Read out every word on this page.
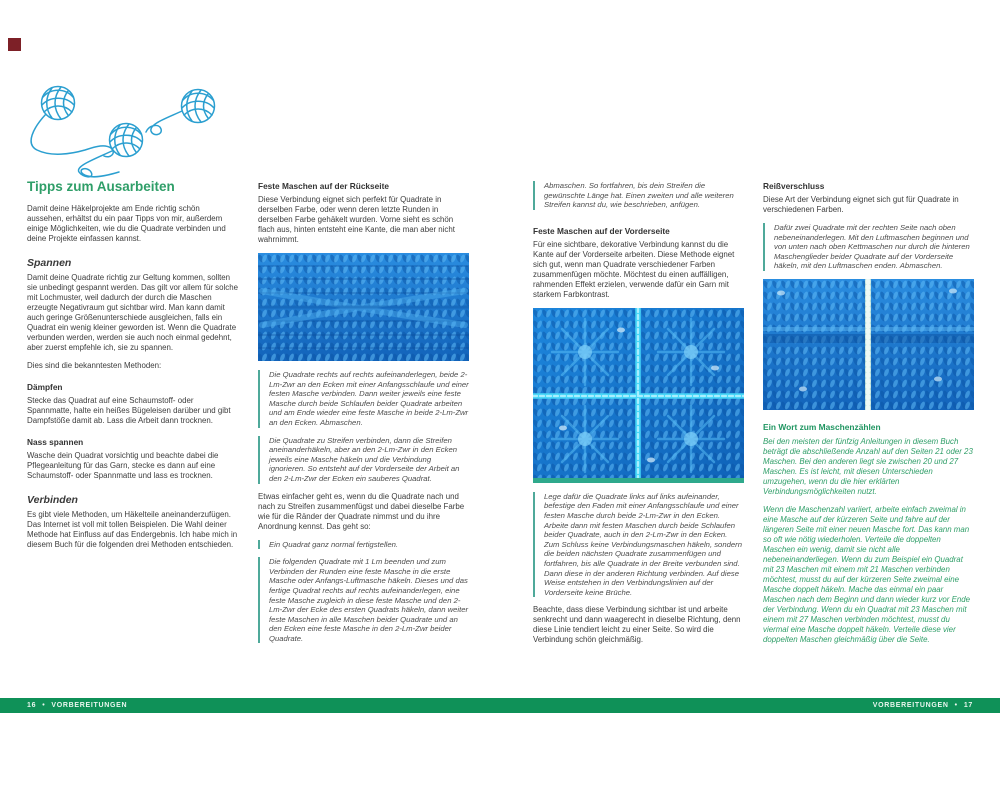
Tipps zum Ausarbeiten

Damit deine Häkelprojekte am Ende richtig schön aussehen, erhältst du ein paar Tipps von mir, außerdem einige Möglichkeiten, wie du die Quadrate verbinden und deine Projekte einfassen kannst.

Spannen

Damit deine Quadrate richtig zur Geltung kommen, sollten sie unbedingt gespannt werden. Das gilt vor allem für solche mit Lochmuster, weil dadurch der durch die Maschen erzeugte Negativraum gut sichtbar wird. Man kann damit auch geringe Größenunterschiede ausgleichen, falls ein Quadrat ein wenig kleiner geworden ist. Wenn die Quadrate verbunden werden, werden sie auch noch einmal gedehnt, aber zuerst empfehle ich, sie zu spannen.

Dies sind die bekanntesten Methoden:

Dämpfen

Stecke das Quadrat auf eine Schaumstoff- oder Spannmatte, halte ein heißes Bügeleisen darüber und gibt Dampfstöße damit ab. Lass die Arbeit dann trocknen.

Nass spannen

Wasche dein Quadrat vorsichtig und beachte dabei die Pflegeanleitung für das Garn, stecke es dann auf eine Schaumstoff- oder Spannmatte und lass es trocknen.

Verbinden

Es gibt viele Methoden, um Häkelteile aneinanderzufügen. Das Internet ist voll mit tollen Beispielen. Die Wahl deiner Methode hat Einfluss auf das Endergebnis. Ich habe mich in diesem Buch für die folgenden drei Methoden entschieden.

Feste Maschen auf der Rückseite

Diese Verbindung eignet sich perfekt für Quadrate in derselben Farbe, oder wenn deren letzte Runden in derselben Farbe gehäkelt wurden. Vorne sieht es schön flach aus, hinten entsteht eine Kante, die man aber nicht wahrnimmt.

Die Quadrate rechts auf rechts aufeinanderlegen, beide 2-Lm-Zwr an den Ecken mit einer Anfangsschlaufe und einer festen Masche verbinden. Dann weiter jeweils eine feste Masche durch beide Schlaufen beider Quadrate arbeiten und am Ende wieder eine feste Masche in beide 2-Lm-Zwr an den Ecken. Abmaschen.

Die Quadrate zu Streifen verbinden, dann die Streifen aneinanderhäkeln, aber an den 2-Lm-Zwr in den Ecken jeweils eine Masche häkeln und die Verbindung ignorieren. So entsteht auf der Vorderseite der Arbeit an den 2-Lm-Zwr der Ecken ein sauberes Quadrat.

Etwas einfacher geht es, wenn du die Quadrate nach und nach zu Streifen zusammenfügst und dabei dieselbe Farbe wie für die Ränder der Quadrate nimmst und du ihre Anordnung kennst. Das geht so:

Ein Quadrat ganz normal fertigstellen.

Die folgenden Quadrate mit 1 Lm beenden und zum Verbinden der Runden eine feste Masche in die erste Masche oder Anfangs-Luftmasche häkeln. Dieses und das fertige Quadrat rechts auf rechts aufeinanderlegen, eine feste Masche zugleich in diese feste Masche und den 2-Lm-Zwr der Ecke des ersten Quadrats häkeln, dann weiter feste Maschen in alle Maschen beider Quadrate und an den Ecken eine feste Masche in den 2-Lm-Zwr beider Quadrate.

Abmaschen. So fortfahren, bis dein Streifen die gewünschte Länge hat. Einen zweiten und alle weiteren Streifen kannst du, wie beschrieben, anfügen.

Feste Maschen auf der Vorderseite

Für eine sichtbare, dekorative Verbindung kannst du die Kante auf der Vorderseite arbeiten. Diese Methode eignet sich gut, wenn man Quadrate verschiedener Farben zusammenfügen möchte. Möchtest du einen auffälligen, rahmenden Effekt erzielen, verwende dafür ein Garn mit starkem Farbkontrast.

Lege dafür die Quadrate links auf links aufeinander, befestige den Faden mit einer Anfangsschlaufe und einer festen Masche durch beide 2-Lm-Zwr in den Ecken. Arbeite dann mit festen Maschen durch beide Schlaufen beider Quadrate, auch in den 2-Lm-Zwr in den Ecken. Zum Schluss keine Verbindungsmaschen häkeln, sondern die beiden nächsten Quadrate zusammenfügen und fortfahren, bis alle Quadrate in der Breite verbunden sind. Dann diese in der anderen Richtung verbinden. Auf diese Weise entstehen in den Verbindungslinien auf der Vorderseite keine Brüche.

Beachte, dass diese Verbindung sichtbar ist und arbeite senkrecht und dann waagerecht in dieselbe Richtung, denn diese Linie tendiert leicht zu einer Seite. So wird die Verbindung schön gleichmäßig.

Reißverschluss

Diese Art der Verbindung eignet sich gut für Quadrate in verschiedenen Farben.

Dafür zwei Quadrate mit der rechten Seite nach oben nebeneinanderlegen. Mit den Luftmaschen beginnen und von unten nach oben Kettmaschen nur durch die hinteren Maschenglieder beider Quadrate auf der Vorderseite häkeln, mit den Luftmaschen enden. Abmaschen.

Ein Wort zum Maschenzählen

Bei den meisten der fünfzig Anleitungen in diesem Buch beträgt die abschließende Anzahl auf den Seiten 21 oder 23 Maschen. Bei den anderen liegt sie zwischen 20 und 27 Maschen. Es ist leicht, mit diesen Unterschieden umzugehen, wenn du die hier erklärten Verbindungsmöglichkeiten nutzt.

Wenn die Maschenzahl variiert, arbeite einfach zweimal in eine Masche auf der kürzeren Seite und fahre auf der längeren Seite mit einer neuen Masche fort. Das kann man so oft wie nötig wiederholen. Verteile die doppelten Maschen ein wenig, damit sie nicht alle nebeneinanderliegen. Wenn du zum Beispiel ein Quadrat mit 23 Maschen mit einem mit 21 Maschen verbinden möchtest, musst du auf der kürzeren Seite zweimal eine Masche doppelt häkeln. Mache das einmal ein paar Maschen nach dem Beginn und dann wieder kurz vor Ende der Verbindung. Wenn du ein Quadrat mit 23 Maschen mit einem mit 27 Maschen verbinden möchtest, musst du viermal eine Masche doppelt häkeln. Verteile diese vier doppelten Maschen gleichmäßig über die Seite.

16 • VORBEREITUNGEN	VORBEREITUNGEN • 17
